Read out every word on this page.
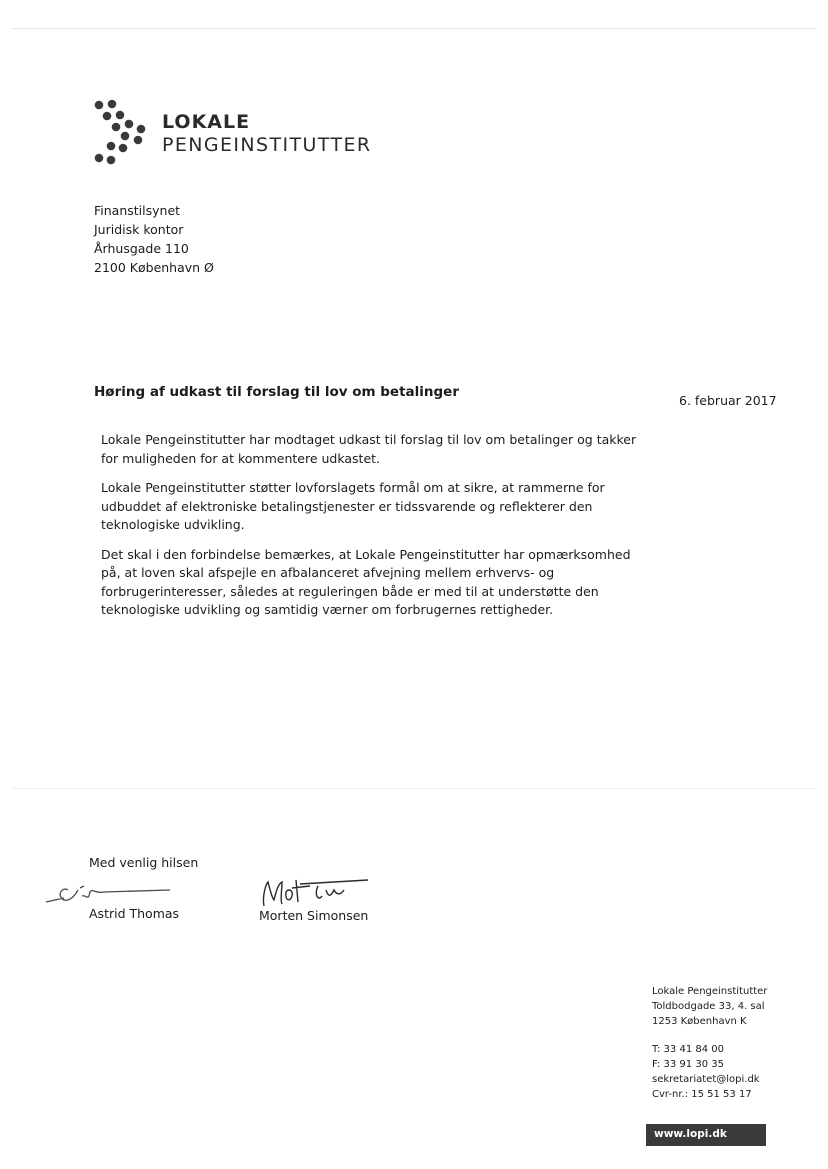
LOKALE
PENGEINSTITUTTER
Finanstilsynet
Juridisk kontor
Århusgade 110
2100 København Ø
Høring af udkast til forslag til lov om betalinger
6. februar 2017

Lokale Pengeinstitutter har modtaget udkast til forslag til lov om betalinger og takker for muligheden for at kommentere udkastet.

Lokale Pengeinstitutter støtter lovforslagets formål om at sikre, at rammerne for udbuddet af elektroniske betalingstjenester er tidssvarende og reflekterer den teknologiske udvikling.

Det skal i den forbindelse bemærkes, at Lokale Pengeinstitutter har opmærksomhed på, at loven skal afspejle en afbalanceret afvejning mellem erhvervs- og forbrugerinteresser, således at reguleringen både er med til at understøtte den teknologiske udvikling og samtidig værner om forbrugernes rettigheder.

Med venlig hilsen
Astrid Thomas	Morten Simonsen
Lokale Pengeinstitutter
Toldbodgade 33, 4. sal
1253 København K
T: 33 41 84 00
F: 33 91 30 35
sekretariatet@lopi.dk
Cvr-nr.: 15 51 53 17
www.lopi.dk
